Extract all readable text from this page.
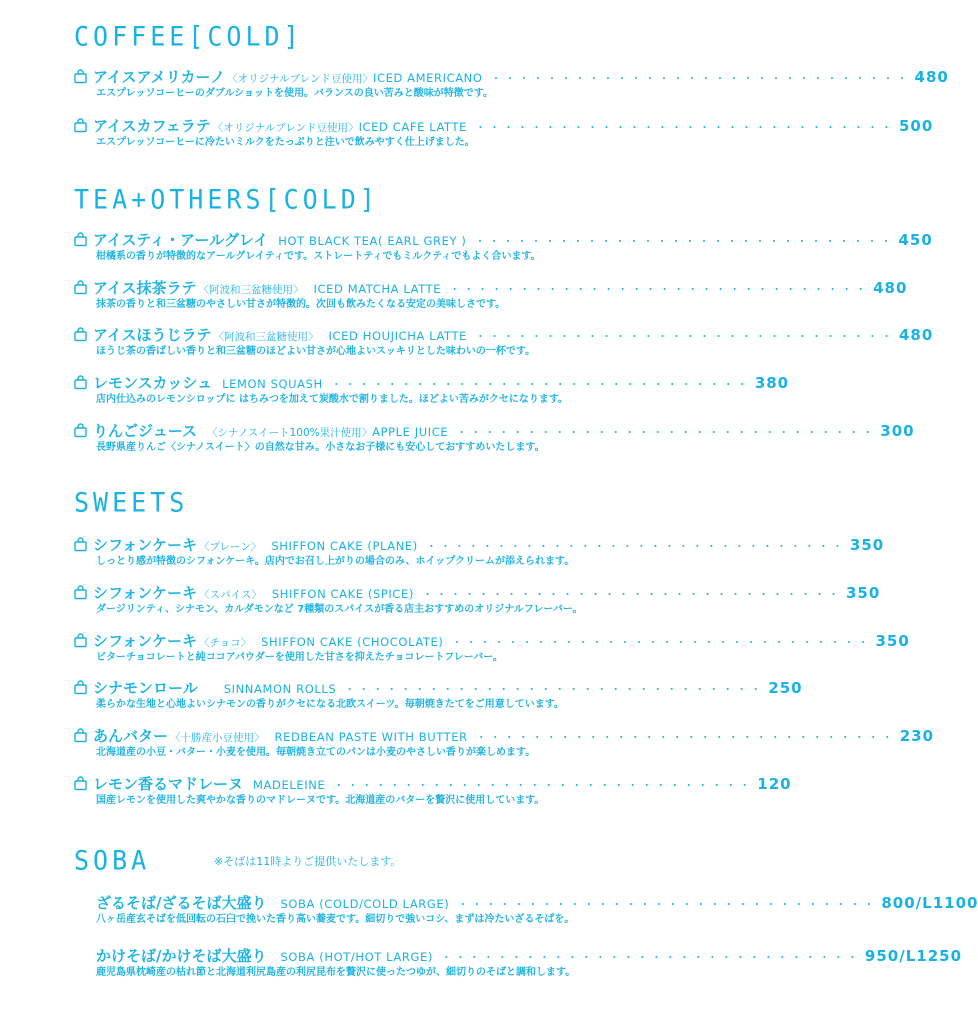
COFFEE[COLD]
アイスアメリカーノ 〈オリジナルブレンド豆使用〉 ICED AMERICANO ・・・・・・・・・・・・・・・・・・・・・・・・・・・・・・ 480
エスプレッソコーヒーのダブルショットを使用。バランスの良い苦みと酸味が特徴です。
アイスカフェラテ 〈オリジナルブレンド豆使用〉 ICED CAFE LATTE ・・・・・・・・・・・・・・・・・・・・・・・・・・・・・・ 500
エスプレッソコーヒーに冷たいミルクをたっぷりと注いで飲みやすく仕上げました。
TEA+OTHERS[COLD]
アイスティ・アールグレイ HOT BLACK TEA( EARL GREY ) ・・・・・・・・・・・・・・・・・・・・・・・・・・・・・・ 450
柑橘系の香りが特徴的なアールグレイティです。ストレートティでもミルクティでもよく合います。
アイス抹茶ラテ 〈阿波和三盆糖使用〉 ICED MATCHA LATTE ・・・・・・・・・・・・・・・・・・・・・・・・・・・・・・ 480
抹茶の香りと和三盆糖のやさしい甘さが特徴的。次回も飲みたくなる安定の美味しさです。
アイスほうじラテ 〈阿波和三盆糖使用〉 ICED HOUJICHA LATTE ・・・・・・・・・・・・・・・・・・・・・・・・・・・・・・ 480
ほうじ茶の香ばしい香りと和三盆糖のほどよい甘さが心地よいスッキリとした味わいの一杯です。
レモンスカッシュ LEMON SQUASH ・・・・・・・・・・・・・・・・・・・・・・・・・・・・・・ 380
店内仕込みのレモンシロップに はちみつを加えて炭酸水で割りました。ほどよい苦みがクセになります。
りんごジュース 〈シナノスイート100%果汁使用〉 APPLE JUICE ・・・・・・・・・・・・・・・・・・・・・・・・・・・・・・ 300
長野県産りんご〈シナノスイート〉の自然な甘み。小さなお子様にも安心しておすすめいたします。
SWEETS
シフォンケーキ 〈プレーン〉 SHIFFON CAKE (PLANE) ・・・・・・・・・・・・・・・・・・・・・・・・・・・・・・ 350
しっとり感が特徴のシフォンケーキ。店内でお召し上がりの場合のみ、ホイップクリームが添えられます。
シフォンケーキ 〈スパイス〉 SHIFFON CAKE (SPICE) ・・・・・・・・・・・・・・・・・・・・・・・・・・・・・・ 350
ダージリンティ、シナモン、カルダモンなど 7種類のスパイスが香る店主おすすめのオリジナルフレーバー。
シフォンケーキ 〈チョコ〉 SHIFFON CAKE (CHOCOLATE) ・・・・・・・・・・・・・・・・・・・・・・・・・・・・・・ 350
ビターチョコレートと純ココアパウダーを使用した甘さを抑えたチョコレートフレーバー。
シナモンロール SINNAMON ROLLS ・・・・・・・・・・・・・・・・・・・・・・・・・・・・・・ 250
柔らかな生地と心地よいシナモンの香りがクセになる北欧スイーツ。毎朝焼きたてをご用意しています。
あんバター 〈十勝産小豆使用〉 REDBEAN PASTE WITH BUTTER ・・・・・・・・・・・・・・・・・・・・・・・・・・・・・・ 230
北海道産の小豆・バター・小麦を使用。毎朝焼き立てのパンは小麦のやさしい香りが楽しめます。
レモン香るマドレーヌ MADELEINE ・・・・・・・・・・・・・・・・・・・・・・・・・・・・・・ 120
国産レモンを使用した爽やかな香りのマドレーヌです。北海道産のバターを贅沢に使用しています。
SOBA	※そばは11時よりご提供いたします。
ざるそば/ざるそば大盛り SOBA (COLD/COLD LARGE) ・・・・・・・・・・・・・・・・・・・・・・・・・・・・・・ 800/L1100
八ヶ岳産玄そばを低回転の石臼で挽いた香り高い蕎麦です。細切りで強いコシ、まずは冷たいざるそばを。
かけそば/かけそば大盛り SOBA (HOT/HOT LARGE) ・・・・・・・・・・・・・・・・・・・・・・・・・・・・・・ 950/L1250
鹿児島県枕崎産の枯れ節と北海道利尻島産の利尻昆布を贅沢に使ったつゆが、細切りのそばと調和します。
